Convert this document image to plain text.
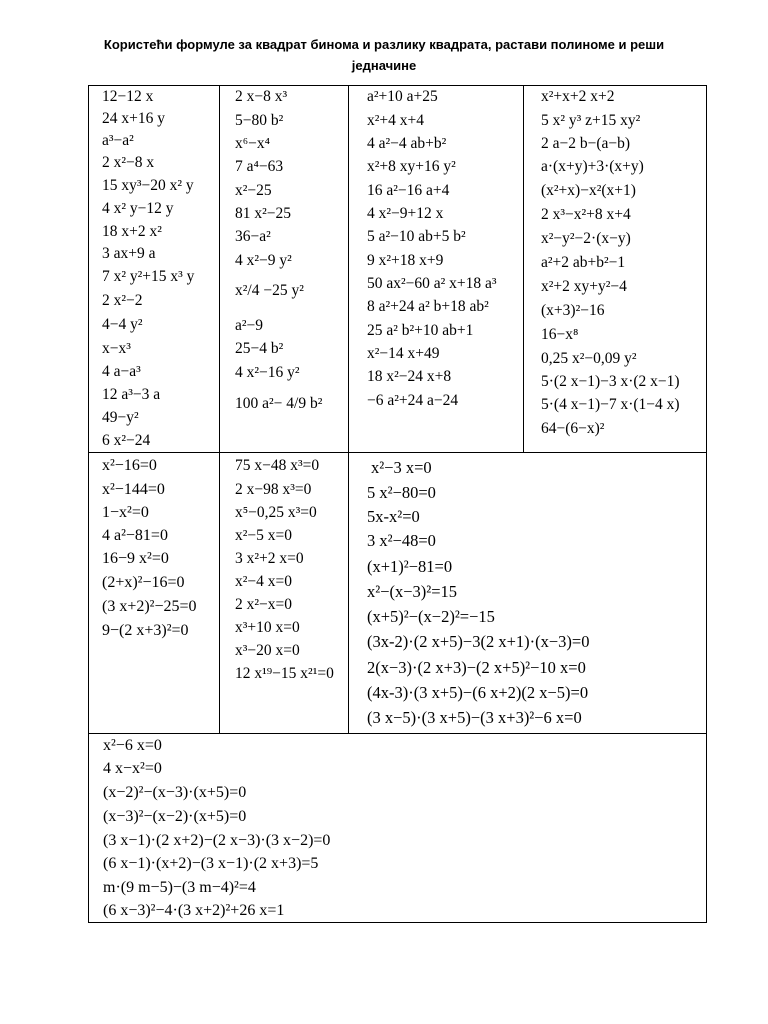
Користећи формуле за квадрат бинома и разлику квадрата, растави полиноме и реши једначине
12−12 x
24 x+16 y
a³−a²
2 x²−8 x
15 xy³−20 x² y
4 x² y−12 y
18 x+2 x²
3 ax+9 a
7 x² y²+15 x³ y
2 x²−2
4−4 y²
x−x³
4 a−a³
12 a³−3 a
49−y²
6 x²−24
2 x−8 x³
5−80 b²
x⁶−x⁴
7 a⁴−63
x²−25
81 x²−25
36−a²
4 x²−9 y²
x²/4 −25 y²
a²−9
25−4 b²
4 x²−16 y²
100 a²− 4/9 b²
a²+10 a+25
x²+4 x+4
4 a²−4 ab+b²
x²+8 xy+16 y²
16 a²−16 a+4
4 x²−9+12 x
5 a²−10 ab+5 b²
9 x²+18 x+9
50 ax²−60 a² x+18 a³
8 a²+24 a² b+18 ab²
25 a² b²+10 ab+1
x²−14 x+49
18 x²−24 x+8
−6 a²+24 a−24
x²+x+2 x+2
5 x² y³ z+15 xy²
2 a−2 b−(a−b)
a·(x+y)+3·(x+y)
(x²+x)−x²(x+1)
2 x³−x²+8 x+4
x²−y²−2·(x−y)
a²+2 ab+b²−1
x²+2 xy+y²−4
(x+3)²−16
16−x⁸
0,25 x²−0,09 y²
5·(2 x−1)−3 x·(2 x−1)
5·(4 x−1)−7 x·(1−4 x)
64−(6−x)²
x²−16=0
x²−144=0
1−x²=0
4 a²−81=0
16−9 x²=0
(2+x)²−16=0
(3 x+2)²−25=0
9−(2 x+3)²=0
75 x−48 x³=0
2 x−98 x³=0
x⁵−0,25 x³=0
x²−5 x=0
3 x²+2 x=0
x²−4 x=0
2 x²−x=0
x³+10 x=0
x³−20 x=0
12 x¹⁹−15 x²¹=0
x²−3 x=0
5 x²−80=0
5x-x²=0
3 x²−48=0
(x+1)²−81=0
x²−(x−3)²=15
(x+5)²−(x−2)²=−15
(3x-2)·(2 x+5)−3(2 x+1)·(x−3)=0
2(x−3)·(2 x+3)−(2 x+5)²−10 x=0
(4x-3)·(3 x+5)−(6 x+2)(2 x−5)=0
(3 x−5)·(3 x+5)−(3 x+3)²−6 x=0
x²−6 x=0
4 x−x²=0
(x−2)²−(x−3)·(x+5)=0
(x−3)²−(x−2)·(x+5)=0
(3 x−1)·(2 x+2)−(2 x−3)·(3 x−2)=0
(6 x−1)·(x+2)−(3 x−1)·(2 x+3)=5
m·(9 m−5)−(3 m−4)²=4
(6 x−3)²−4·(3 x+2)²+26 x=1
